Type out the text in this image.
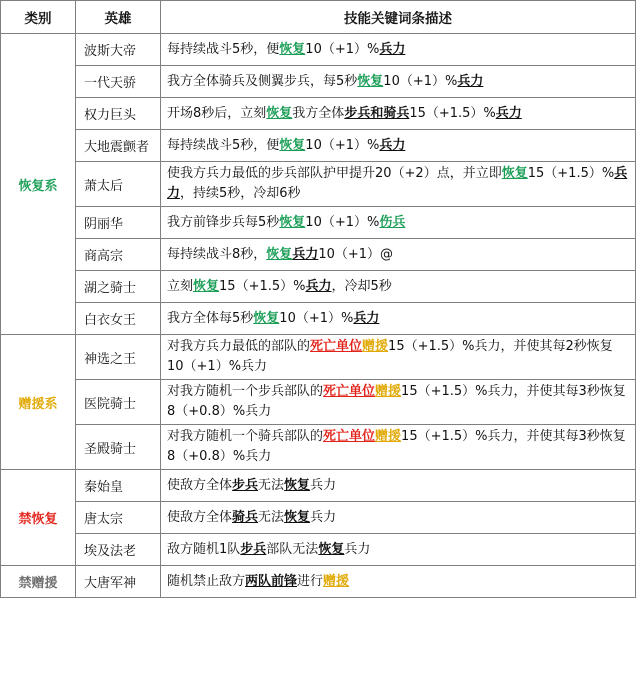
类别	英雄	技能关键词条描述
恢复系	波斯大帝	每持续战斗5秒，便恢复10（+1）%兵力
	一代天骄	我方全体骑兵及侧翼步兵，每5秒恢复10（+1）%兵力
	权力巨头	开场8秒后，立刻恢复我方全体步兵和骑兵15（+1.5）%兵力
	大地震颤者	每持续战斗5秒，便恢复10（+1）%兵力
	萧太后	使我方兵力最低的步兵部队护甲提升20（+2）点，并立即恢复15（+1.5）%兵力，持续5秒，冷却6秒
	阴丽华	我方前锋步兵每5秒恢复10（+1）%伤兵
	商高宗	每持续战斗8秒，恢复兵力10（+1）@
	湖之骑士	立刻恢复15（+1.5）%兵力，冷却5秒
	白衣女王	我方全体每5秒恢复10（+1）%兵力
赠援系	神选之王	对我方兵力最低的部队的死亡单位赠援15（+1.5）%兵力，并使其每2秒恢复10（+1）%兵力
	医院骑士	对我方随机一个步兵部队的死亡单位赠援15（+1.5）%兵力，并使其每3秒恢复8（+0.8）%兵力
	圣殿骑士	对我方随机一个骑兵部队的死亡单位赠援15（+1.5）%兵力，并使其每3秒恢复8（+0.8）%兵力
禁恢复	秦始皇	使敌方全体步兵无法恢复兵力
	唐太宗	使敌方全体骑兵无法恢复兵力
	埃及法老	敌方随机1队步兵部队无法恢复兵力
禁赠援	大唐军神	随机禁止敌方两队前锋进行赠援
